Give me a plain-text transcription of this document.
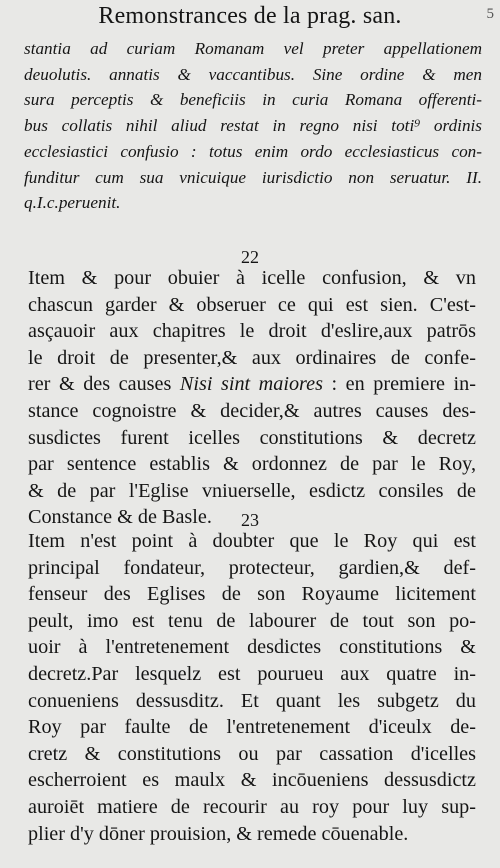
Remonstrances de la prag. san.	5
stantia ad curiam Romanam vel preter appellationem
deuolutis. annatis & vaccantibus. Sine ordine & men
sura perceptis & beneficiis in curia Romana offerenti-
bus collatis nihil aliud restat in regno nisi toti⁹ ordinis
ecclesiastici confusio : totus enim ordo ecclesiasticus con-
funditur cum sua vnicuique iurisdictio non seruatur. II.
q.I.c.peruenit.
22
Item & pour obuier à icelle confusion, & vn
chascun garder & obseruer ce qui est sien. C'est-
asçauoir aux chapitres le droit d'eslire,aux patrōs
le droit de presenter,& aux ordinaires de confe-
rer & des causes Nisi sint maiores : en premiere in-
stance cognoistre & decider,& autres causes des-
susdictes furent icelles constitutions & decretz
par sentence establis & ordonnez de par le Roy,
& de par l'Eglise vniuerselle, esdictz consiles de
Constance & de Basle.	23
Item n'est point à doubter que le Roy qui est
principal fondateur, protecteur, gardien,& def-
fenseur des Eglises de son Royaume licitement
peult, imo est tenu de labourer de tout son po-
uoir à l'entretenement desdictes constitutions &
decretz.Par lesquelz est pourueu aux quatre in-
conueniens dessusditz. Et quant les subgetz du
Roy par faulte de l'entretenement d'iceulx de-
cretz & constitutions ou par cassation d'icelles
escherroient es maulx & incōueniens dessusdictz
auroiēt matiere de recourir au roy pour luy sup-
plier d'y dōner prouision, & remede cōuenable.
